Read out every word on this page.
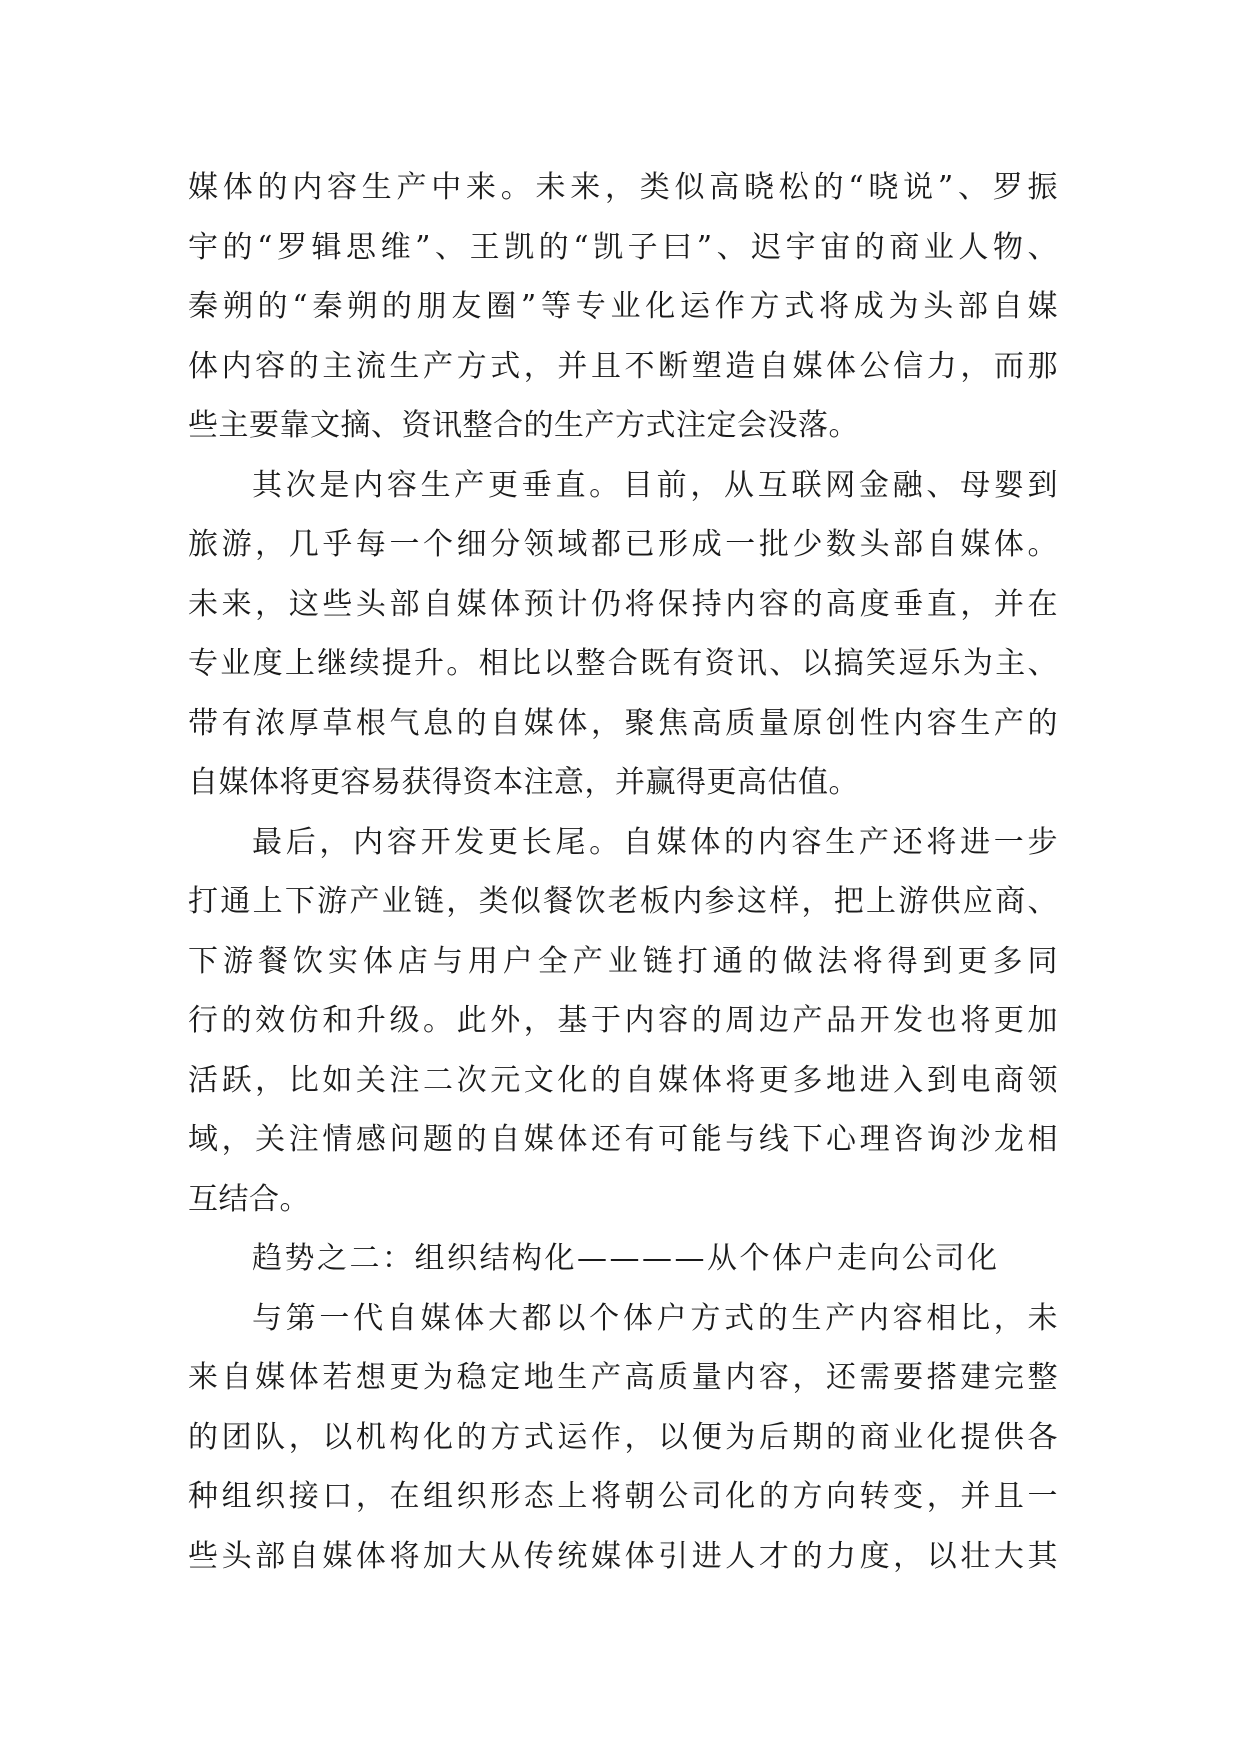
媒体的内容生产中来。未来，类似高晓松的“晓说”、罗振
宇的“罗辑思维”、王凯的“凯子曰”、迟宇宙的商业人物、
秦朔的“秦朔的朋友圈”等专业化运作方式将成为头部自媒
体内容的主流生产方式，并且不断塑造自媒体公信力，而那
些主要靠文摘、资讯整合的生产方式注定会没落。
其次是内容生产更垂直。目前，从互联网金融、母婴到
旅游，几乎每一个细分领域都已形成一批少数头部自媒体。
未来，这些头部自媒体预计仍将保持内容的高度垂直，并在
专业度上继续提升。相比以整合既有资讯、以搞笑逗乐为主、
带有浓厚草根气息的自媒体，聚焦高质量原创性内容生产的
自媒体将更容易获得资本注意，并赢得更高估值。
最后，内容开发更长尾。自媒体的内容生产还将进一步
打通上下游产业链，类似餐饮老板内参这样，把上游供应商、
下游餐饮实体店与用户全产业链打通的做法将得到更多同
行的效仿和升级。此外，基于内容的周边产品开发也将更加
活跃，比如关注二次元文化的自媒体将更多地进入到电商领
域，关注情感问题的自媒体还有可能与线下心理咨询沙龙相
互结合。
趋势之二：组织结构化————从个体户走向公司化
与第一代自媒体大都以个体户方式的生产内容相比，未
来自媒体若想更为稳定地生产高质量内容，还需要搭建完整
的团队，以机构化的方式运作，以便为后期的商业化提供各
种组织接口，在组织形态上将朝公司化的方向转变，并且一
些头部自媒体将加大从传统媒体引进人才的力度，以壮大其
